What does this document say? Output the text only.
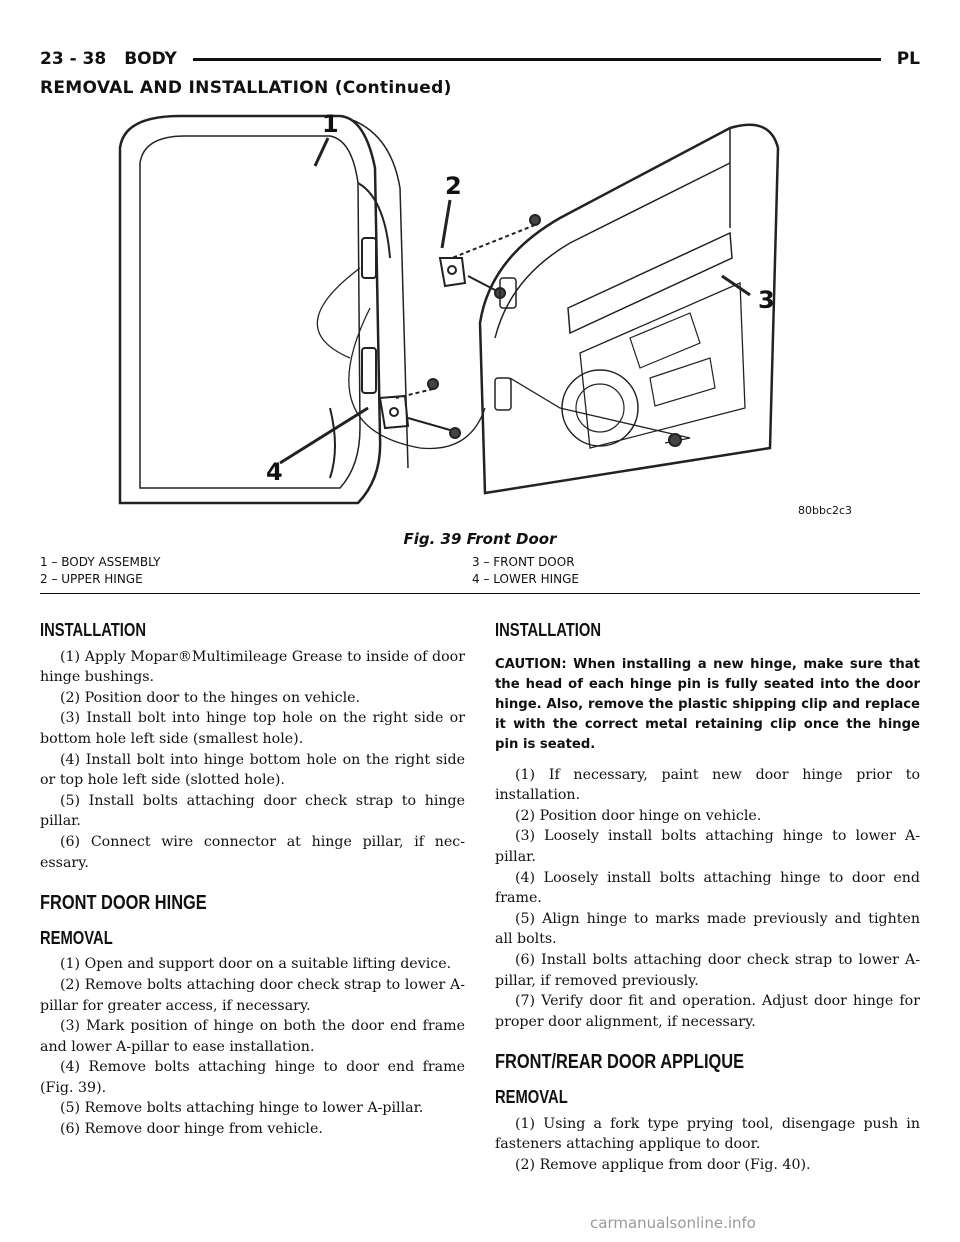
23 - 38 BODY	PL
REMOVAL AND INSTALLATION (Continued)
1
2
3
4
80bbc2c3
Fig. 39 Front Door
1 – BODY ASSEMBLY	3 – FRONT DOOR
2 – UPPER HINGE	4 – LOWER HINGE
INSTALLATION

(1) Apply Mopar®Multimileage Grease to inside of door hinge bushings.

(2) Position door to the hinges on vehicle.

(3) Install bolt into hinge top hole on the right side or bottom hole left side (smallest hole).

(4) Install bolt into hinge bottom hole on the right side or top hole left side (slotted hole).

(5) Install bolts attaching door check strap to hinge pillar.

(6) Connect wire connector at hinge pillar, if nec- essary.

FRONT DOOR HINGE
REMOVAL

(1) Open and support door on a suitable lifting device.

(2) Remove bolts attaching door check strap to lower A-pillar for greater access, if necessary.

(3) Mark position of hinge on both the door end frame and lower A-pillar to ease installation.

(4) Remove bolts attaching hinge to door end frame (Fig. 39).

(5) Remove bolts attaching hinge to lower A-pillar.

(6) Remove door hinge from vehicle.

INSTALLATION

CAUTION: When installing a new hinge, make sure that the head of each hinge pin is fully seated into the door hinge. Also, remove the plastic shipping clip and replace it with the correct metal retaining clip once the hinge pin is seated.

(1) If necessary, paint new door hinge prior to installation.

(2) Position door hinge on vehicle.

(3) Loosely install bolts attaching hinge to lower A-pillar.

(4) Loosely install bolts attaching hinge to door end frame.

(5) Align hinge to marks made previously and tighten all bolts.

(6) Install bolts attaching door check strap to lower A-pillar, if removed previously.

(7) Verify door fit and operation. Adjust door hinge for proper door alignment, if necessary.

FRONT/REAR DOOR APPLIQUE
REMOVAL

(1) Using a fork type prying tool, disengage push in fasteners attaching applique to door.

(2) Remove applique from door (Fig. 40).

carmanualsonline.info
